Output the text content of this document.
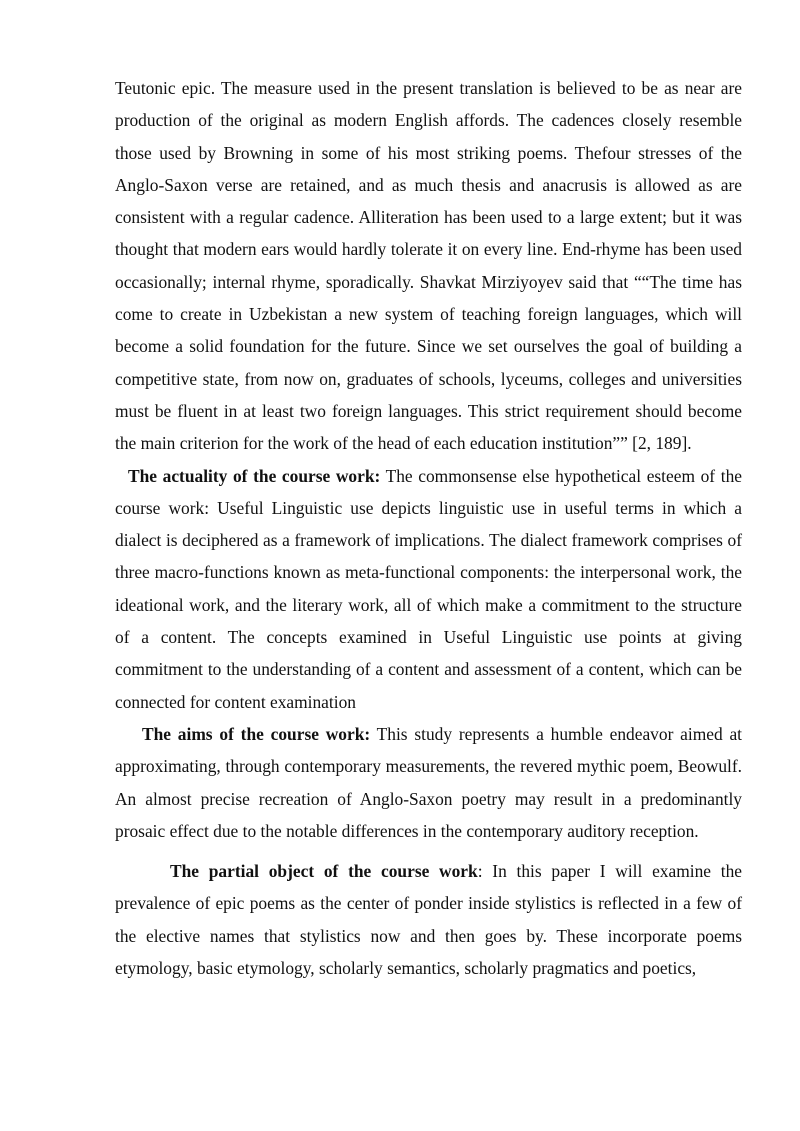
Teutonic epic. The measure used in the present translation is believed to be as near are production of the original as modern English affords. The cadences closely resemble those used by Browning in some of his most striking poems. Thefour stresses of the Anglo-Saxon verse are retained, and as much thesis and anacrusis is allowed as are consistent with a regular cadence. Alliteration has been used to a large extent; but it was thought that modern ears would hardly tolerate it on every line. End-rhyme has been used occasionally; internal rhyme, sporadically. Shavkat Mirziyoyev said that ““The time has come to create in Uzbekistan a new system of teaching foreign languages, which will become a solid foundation for the future. Since we set ourselves the goal of building a competitive state, from now on, graduates of schools, lyceums, colleges and universities must be fluent in at least two foreign languages. This strict requirement should become the main criterion for the work of the head of each education institution”” [2, 189].

The actuality of the course work: The commonsense else hypothetical esteem of the course work: Useful Linguistic use depicts linguistic use in useful terms in which a dialect is deciphered as a framework of implications. The dialect framework comprises of three macro-functions known as meta-functional components: the interpersonal work, the ideational work, and the literary work, all of which make a commitment to the structure of a content. The concepts examined in Useful Linguistic use points at giving commitment to the understanding of a content and assessment of a content, which can be connected for content examination

The aims of the course work: This study represents a humble endeavor aimed at approximating, through contemporary measurements, the revered mythic poem, Beowulf. An almost precise recreation of Anglo-Saxon poetry may result in a predominantly prosaic effect due to the notable differences in the contemporary auditory reception.

The partial object of the course work: In this paper I will examine the prevalence of epic poems as the center of ponder inside stylistics is reflected in a few of the elective names that stylistics now and then goes by. These incorporate poems etymology, basic etymology, scholarly semantics, scholarly pragmatics and poetics,
